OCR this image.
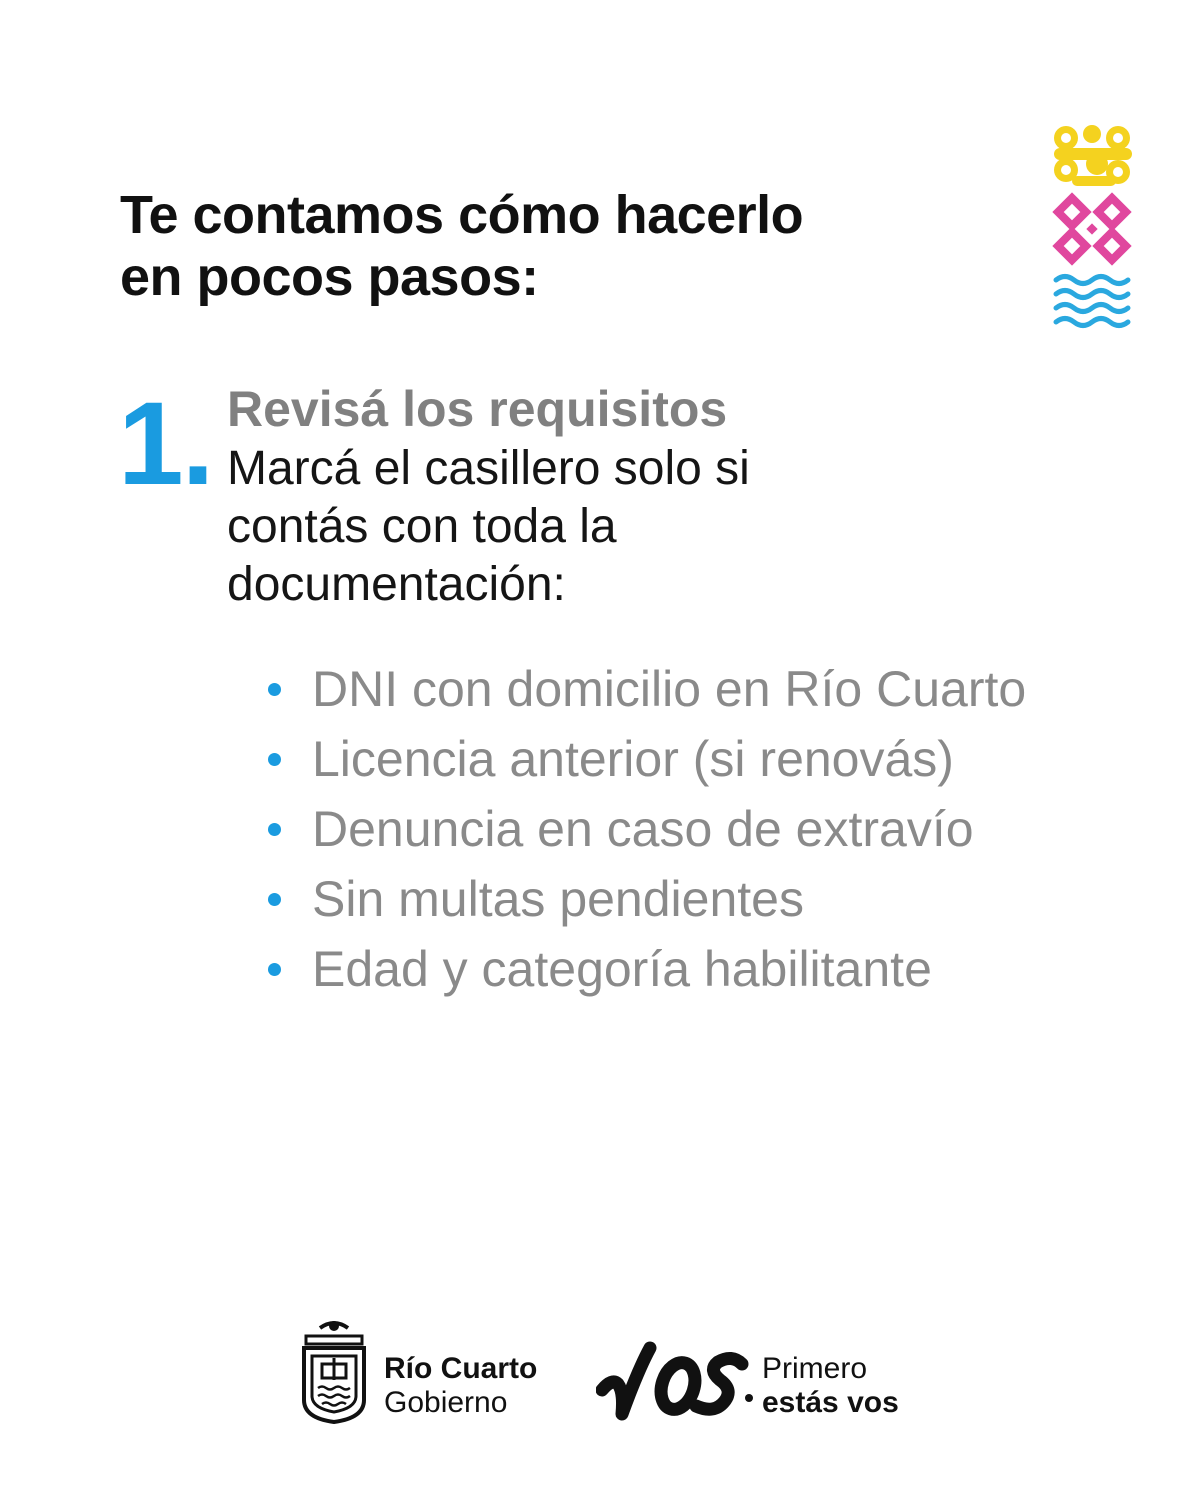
Te contamos cómo hacerlo
en pocos pasos:
1. Revisá los requisitos
Marcá el casillero solo si
contás con toda la
documentación:
DNI con domicilio en Río Cuarto
Licencia anterior (si renovás)
Denuncia en caso de extravío
Sin multas pendientes
Edad y categoría habilitante
Río Cuarto
Gobierno
Primero
estás vos
